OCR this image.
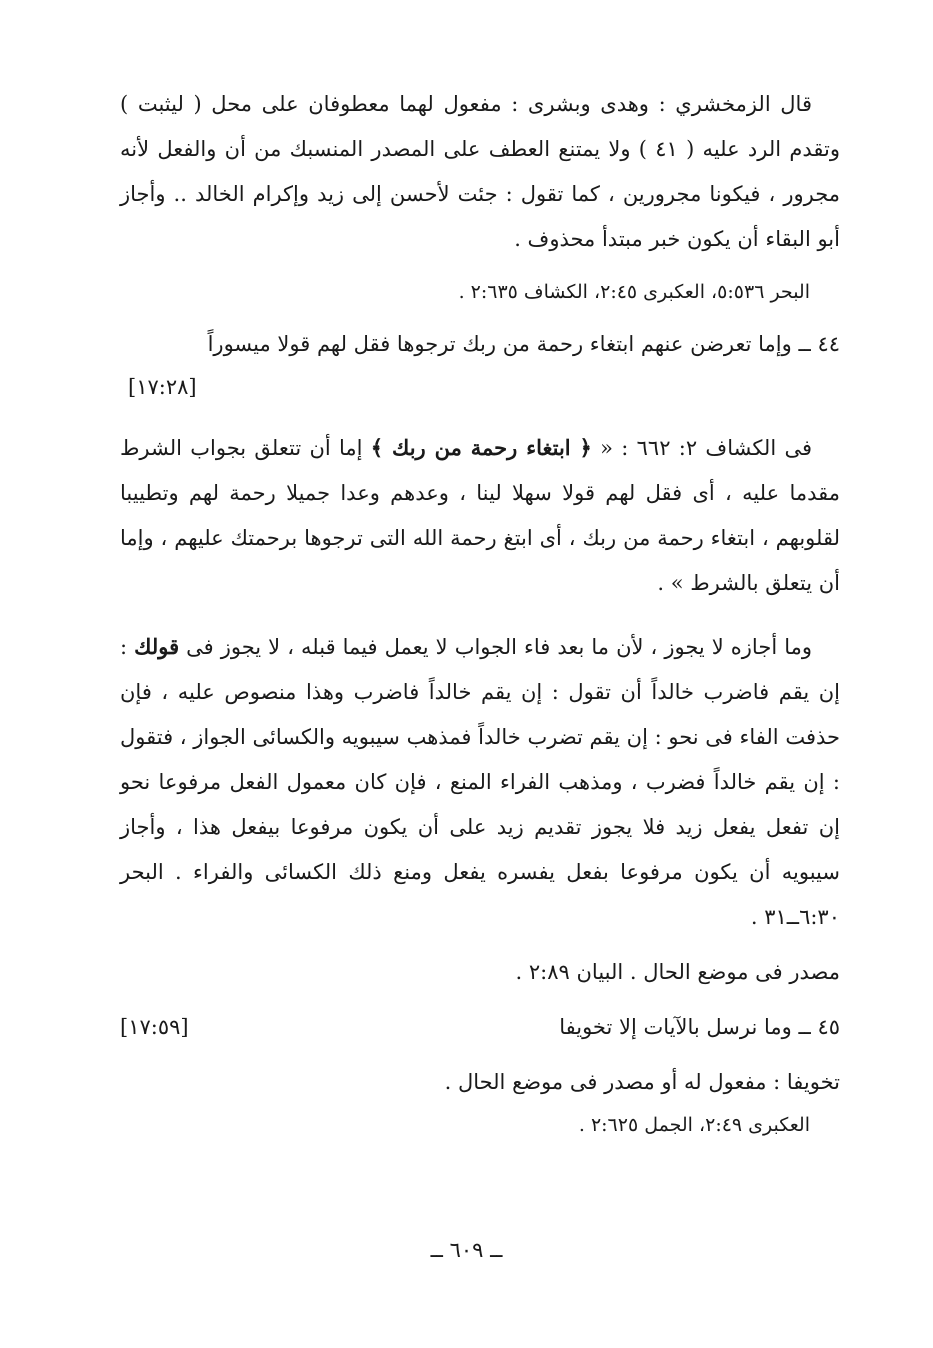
قال الزمخشري : وهدى وبشرى : مفعول لهما معطوفان على محل ( ليثبت ) وتقدم الرد عليه ( ٤١ ) ولا يمتنع العطف على المصدر المنسبك من أن والفعل لأنه مجرور ، فيكونا مجرورين ، كما تقول : جئت لأحسن إلى زيد وإكرام الخالد .. وأجاز أبو البقاء أن يكون خبر مبتدأ محذوف .

البحر ٥:٥٣٦، العكبرى ٢:٤٥، الكشاف ٢:٦٣٥ .

٤٤ ــ وإما تعرضن عنهم ابتغاء رحمة من ربك ترجوها فقل لهم قولا ميسوراً

[١٧:٢٨]

فى الكشاف ٢: ٦٦٢ : « ﴿ ابتغاء رحمة من ربك ﴾ إما أن تتعلق بجواب الشرط مقدما عليه ، أى فقل لهم قولا سهلا لينا ، وعدهم وعدا جميلا رحمة لهم وتطييبا لقلوبهم ، ابتغاء رحمة من ربك ، أى ابتغ رحمة الله التى ترجوها برحمتك عليهم ، وإما أن يتعلق بالشرط » .

وما أجازه لا يجوز ، لأن ما بعد فاء الجواب لا يعمل فيما قبله ، لا يجوز فى قولك : إن يقم فاضرب خالداً أن تقول : إن يقم خالداً فاضرب وهذا منصوص عليه ، فإن حذفت الفاء فى نحو : إن يقم تضرب خالداً فمذهب سيبويه والكسائى الجواز ، فتقول : إن يقم خالداً فضرب ، ومذهب الفراء المنع ، فإن كان معمول الفعل مرفوعا نحو إن تفعل يفعل زيد فلا يجوز تقديم زيد على أن يكون مرفوعا بيفعل هذا ، وأجاز سيبويه أن يكون مرفوعا بفعل يفسره يفعل ومنع ذلك الكسائى والفراء . البحر ٦:٣٠ــ٣١ .

مصدر فى موضع الحال . البيان ٢:٨٩ .

٤٥ ــ وما نرسل بالآيات إلا تخويفا
[١٧:٥٩]

تخويفا : مفعول له أو مصدر فى موضع الحال .

العكبرى ٢:٤٩، الجمل ٢:٦٢٥ .

ــ ٦٠٩ ــ
